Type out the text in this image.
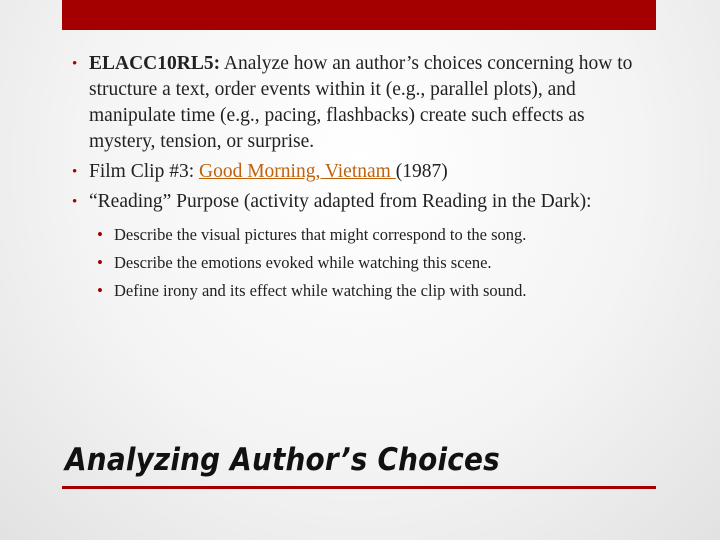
• ELACC10RL5: Analyze how an author’s choices concerning how to structure a text, order events within it (e.g., parallel plots), and manipulate time (e.g., pacing, flashbacks) create such effects as mystery, tension, or surprise.
• Film Clip #3: Good Morning, Vietnam (1987)
• “Reading” Purpose (activity adapted from Reading in the Dark):
• Describe the visual pictures that might correspond to the song.
• Describe the emotions evoked while watching this scene.
• Define irony and its effect while watching the clip with sound.
Analyzing Author’s Choices
